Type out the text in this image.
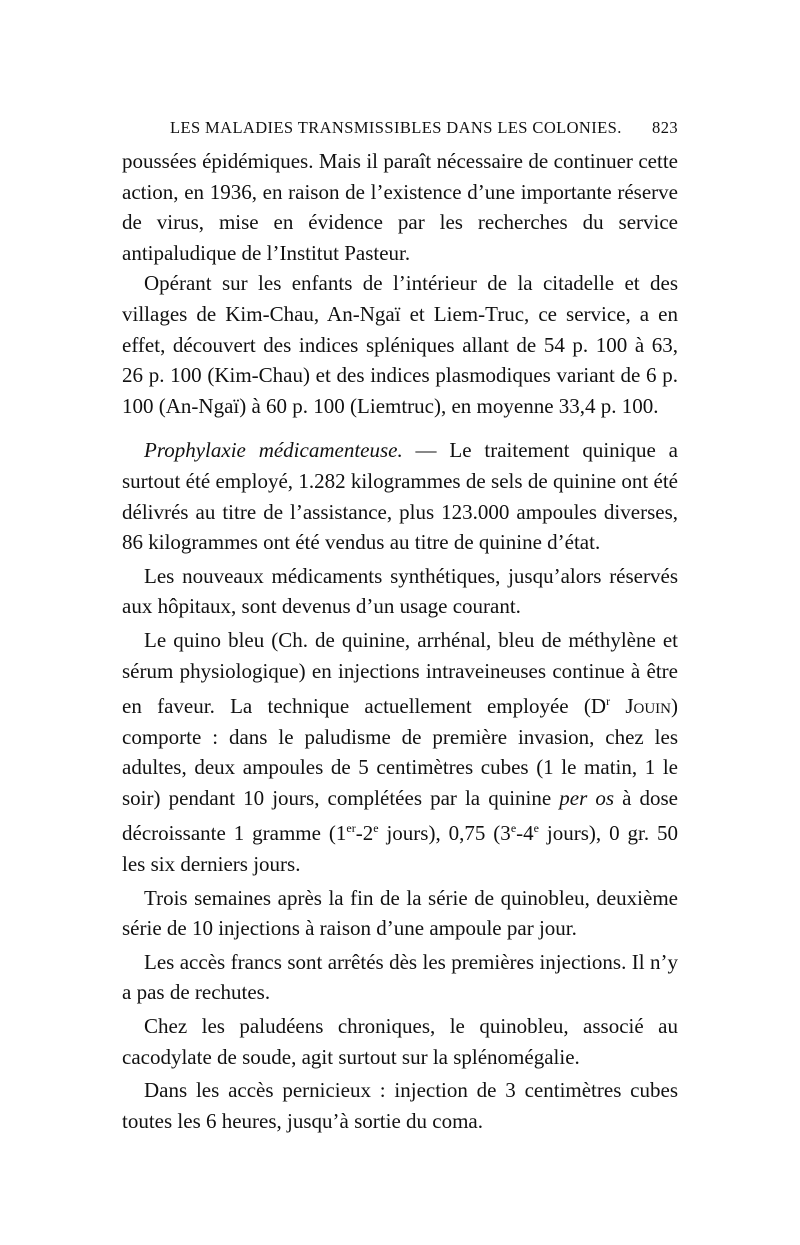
LES MALADIES TRANSMISSIBLES DANS LES COLONIES. 823

poussées épidémiques. Mais il paraît nécessaire de continuer cette action, en 1936, en raison de l’existence d’une importante réserve de virus, mise en évidence par les recherches du service antipaludique de l’Institut Pasteur.

Opérant sur les enfants de l’intérieur de la citadelle et des villages de Kim-Chau, An-Ngaï et Liem-Truc, ce service, a en effet, découvert des indices spléniques allant de 54 p. 100 à 63, 26 p. 100 (Kim-Chau) et des indices plasmodiques variant de 6 p. 100 (An-Ngaï) à 60 p. 100 (Liemtruc), en moyenne 33,4 p. 100.

Prophylaxie médicamenteuse. — Le traitement quinique a surtout été employé, 1.282 kilogrammes de sels de quinine ont été délivrés au titre de l’assistance, plus 123.000 ampoules diverses, 86 kilogrammes ont été vendus au titre de quinine d’état.

Les nouveaux médicaments synthétiques, jusqu’alors réservés aux hôpitaux, sont devenus d’un usage courant.

Le quino bleu (Ch. de quinine, arrhénal, bleu de méthylène et sérum physiologique) en injections intraveineuses continue à être en faveur. La technique actuellement employée ($D^r$ Jouin) comporte : dans le paludisme de première invasion, chez les adultes, deux ampoules de 5 centimètres cubes (1 le matin, 1 le soir) pendant 10 jours, complétées par la quinine per os à dose décroissante 1 gramme (1er-2e jours), 0,75 (3e-4e jours), 0 gr. 50 les six derniers jours.

Trois semaines après la fin de la série de quinobleu, deuxième série de 10 injections à raison d’une ampoule par jour.

Les accès francs sont arrêtés dès les premières injections. Il n’y a pas de rechutes.

Chez les paludéens chroniques, le quinobleu, associé au cacodylate de soude, agit surtout sur la splénomégalie.

Dans les accès pernicieux : injection de 3 centimètres cubes toutes les 6 heures, jusqu’à sortie du coma.
